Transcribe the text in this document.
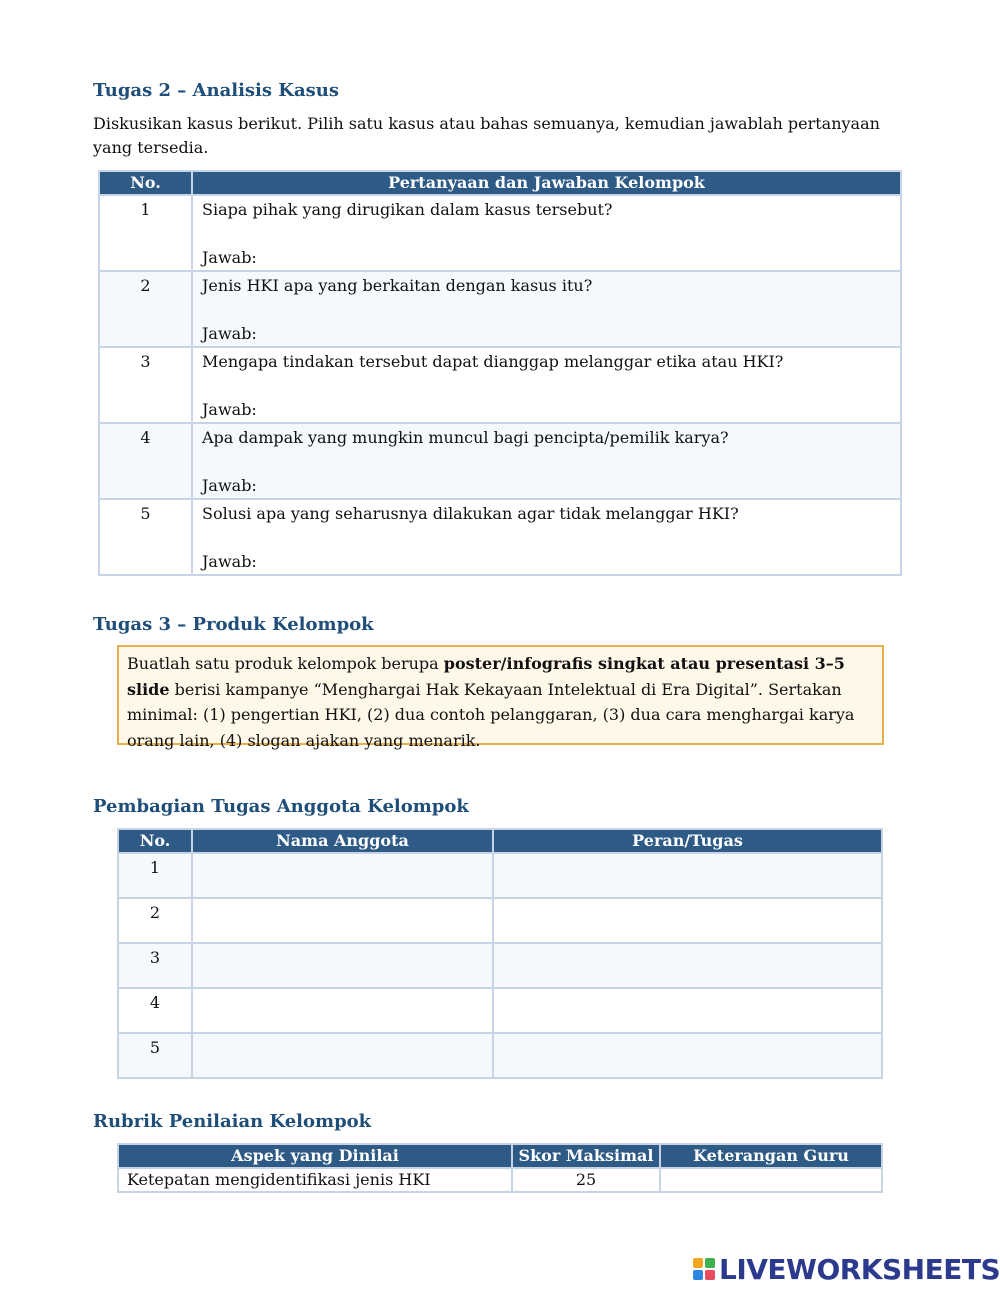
Tugas 2 – Analisis Kasus

Diskusikan kasus berikut. Pilih satu kasus atau bahas semuanya, kemudian jawablah pertanyaan yang tersedia.

No.	Pertanyaan dan Jawaban Kelompok
1	Siapa pihak yang dirugikan dalam kasus tersebut?
Jawab:

2	Jenis HKI apa yang berkaitan dengan kasus itu?
Jawab:

3	Mengapa tindakan tersebut dapat dianggap melanggar etika atau HKI?
Jawab:

4	Apa dampak yang mungkin muncul bagi pencipta/pemilik karya?
Jawab:

5	Solusi apa yang seharusnya dilakukan agar tidak melanggar HKI?
Jawab:
Tugas 3 – Produk Kelompok
Buatlah satu produk kelompok berupa poster/infografis singkat atau presentasi 3–5 slide berisi kampanye “Menghargai Hak Kekayaan Intelektual di Era Digital”. Sertakan minimal: (1) pengertian HKI, (2) dua contoh pelanggaran, (3) dua cara menghargai karya orang lain, (4) slogan ajakan yang menarik.
Pembagian Tugas Anggota Kelompok
No.	Nama Anggota	Peran/Tugas
1		
2		
3		
4		
5		
Rubrik Penilaian Kelompok
Aspek yang Dinilai	Skor Maksimal	Keterangan Guru
Ketepatan mengidentifikasi jenis HKI	25	
LIVEWORKSHEETS
